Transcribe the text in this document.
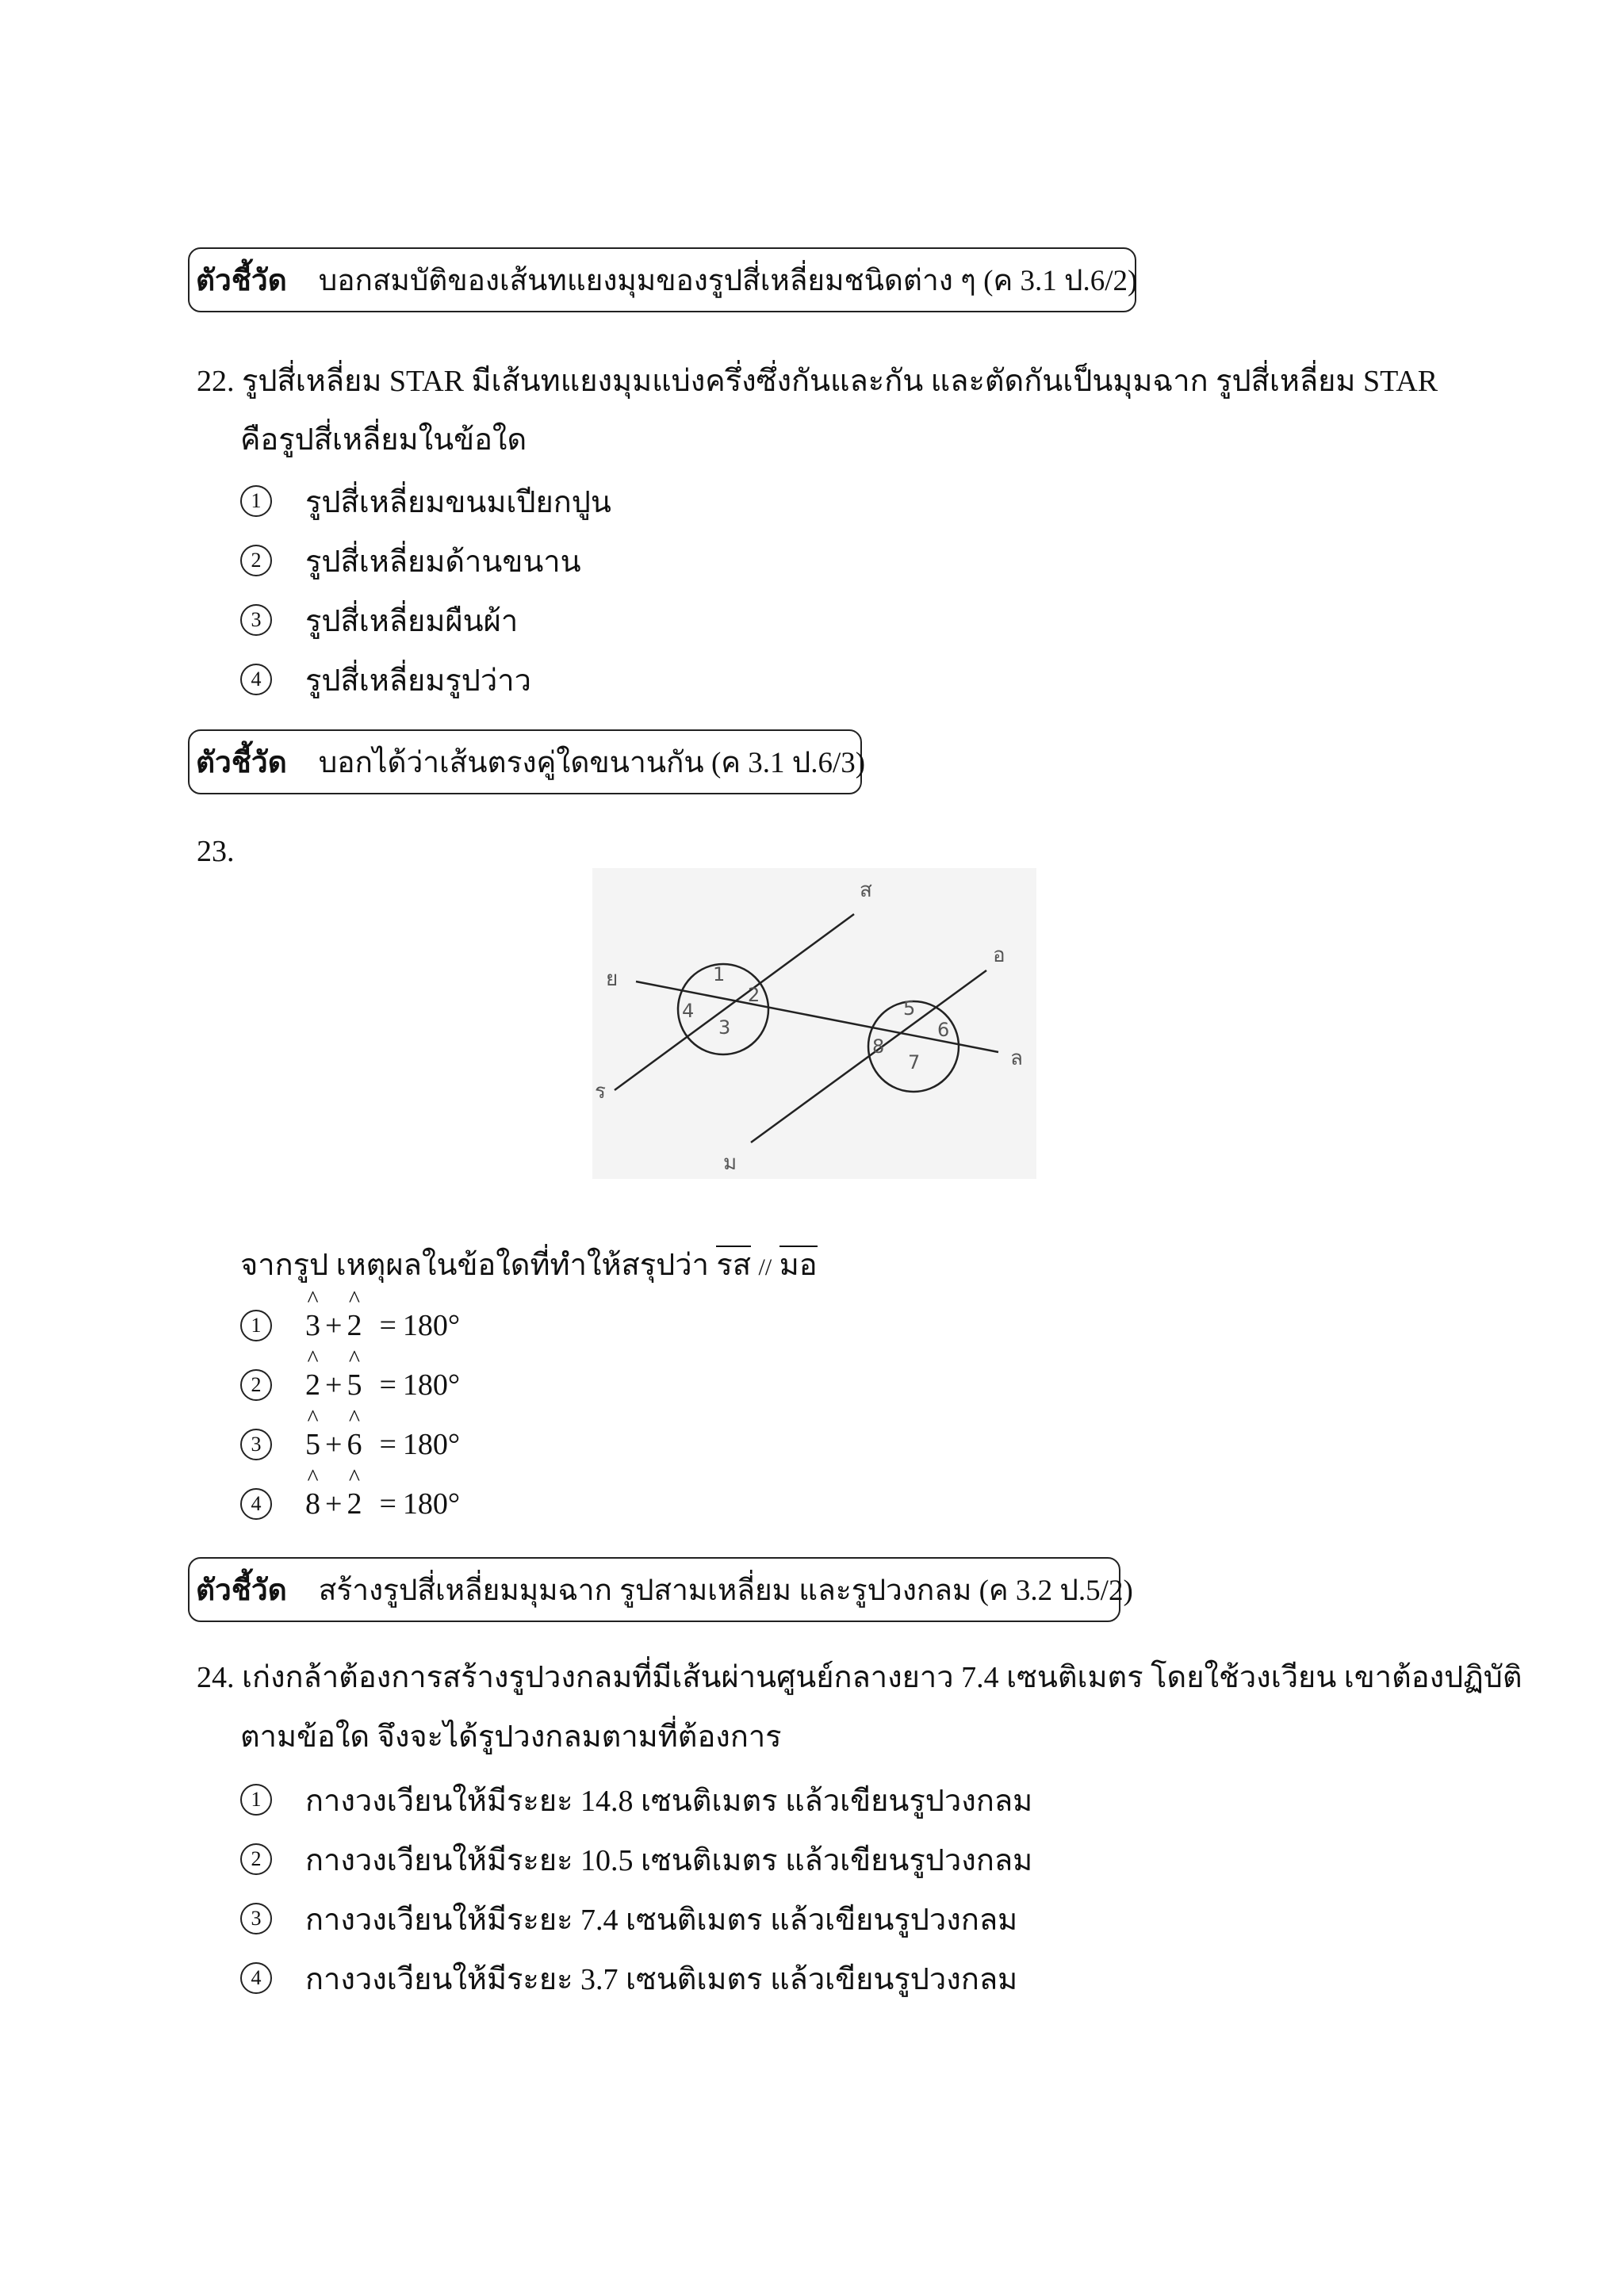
ตัวชี้วัด บอกสมบัติของเส้นทแยงมุมของรูปสี่เหลี่ยมชนิดต่าง ๆ (ค 3.1 ป.6/2)
22. รูปสี่เหลี่ยม STAR มีเส้นทแยงมุมแบ่งครึ่งซึ่งกันและกัน และตัดกันเป็นมุมฉาก รูปสี่เหลี่ยม STAR
คือรูปสี่เหลี่ยมในข้อใด
1	รูปสี่เหลี่ยมขนมเปียกปูน
2	รูปสี่เหลี่ยมด้านขนาน
3	รูปสี่เหลี่ยมผืนผ้า
4	รูปสี่เหลี่ยมรูปว่าว
ตัวชี้วัด บอกได้ว่าเส้นตรงคู่ใดขนานกัน (ค 3.1 ป.6/3)
23.
ส
อ
ย
ล
ร
ม
1
2
3
4	5
6
7
8
จากรูป เหตุผลในข้อใดที่ทำให้สรุปว่า รส // มอ
1
^
3 +
^
2 = 180°
2
^
2 +
^
5 = 180°
3
^
5 +
^
6 = 180°
4
^
8 +
^
2 = 180°
ตัวชี้วัด สร้างรูปสี่เหลี่ยมมุมฉาก รูปสามเหลี่ยม และรูปวงกลม (ค 3.2 ป.5/2)
24. เก่งกล้าต้องการสร้างรูปวงกลมที่มีเส้นผ่านศูนย์กลางยาว 7.4 เซนติเมตร โดยใช้วงเวียน เขาต้องปฏิบัติ
ตามข้อใด จึงจะได้รูปวงกลมตามที่ต้องการ
1	กางวงเวียนให้มีระยะ 14.8 เซนติเมตร แล้วเขียนรูปวงกลม
2	กางวงเวียนให้มีระยะ 10.5 เซนติเมตร แล้วเขียนรูปวงกลม
3	กางวงเวียนให้มีระยะ 7.4 เซนติเมตร แล้วเขียนรูปวงกลม
4	กางวงเวียนให้มีระยะ 3.7 เซนติเมตร แล้วเขียนรูปวงกลม
